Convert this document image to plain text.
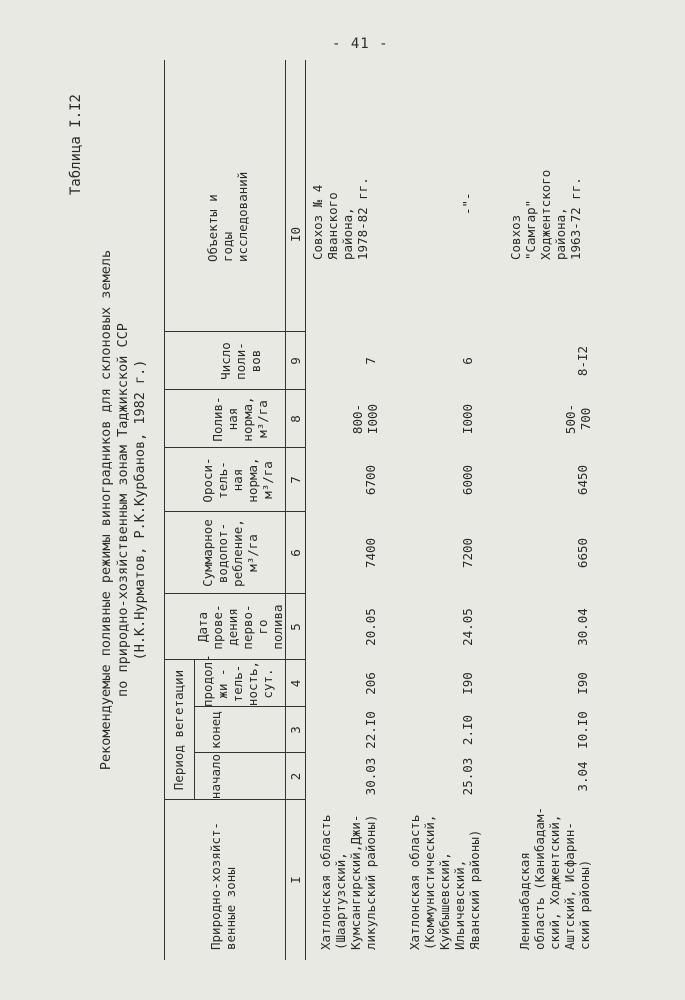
- 41 -
Таблица I.I2
Рекомендуемые поливные режимы виноградников для склоновых земель по природно-хозяйственным зонам Таджикской ССР (Н.К.Нурматов, Р.К.Курбанов, 1982 г.)
Природно-хозяйст-
венные зоны
Период вегетации начало
конец
продол-
жи -
тель-
ность,
сут.
Дата
прове-
дения
перво-
го
полива
Суммарное
водопот-
ребление,
м³/га
Ороси-
тель-
ная
норма,
м³/га
Полив-
ная
норма,
м³/га
Число
поли-
вов
Объекты и
годы
исследований
I
2
3
4
5
6
7
8
9
I0
Хатлонская область
(Шаартузский,
Кумсангирский,Джи-
ликульский районы)
30.03
22.I0
206
20.05
7400
6700
800-
I000
7
Совхоз № 4
Яванского
района,
1978-82 гг.
Хатлонская область
(Коммунистический,
Куйбышевский,
Ильичевский,
Яванский районы)
25.03
2.I0
I90
24.05
7200
6000
I000
6
-"-
Ленинабадская
область (Канибадам-
ский, Ходжентский,
Аштский, Исфарин-
ский районы)
3.04
I0.I0
I90
30.04
6650
6450
500-
700
8-I2
Совхоз
"Самгар"
Ходжентского
района,
1963-72 гг.
